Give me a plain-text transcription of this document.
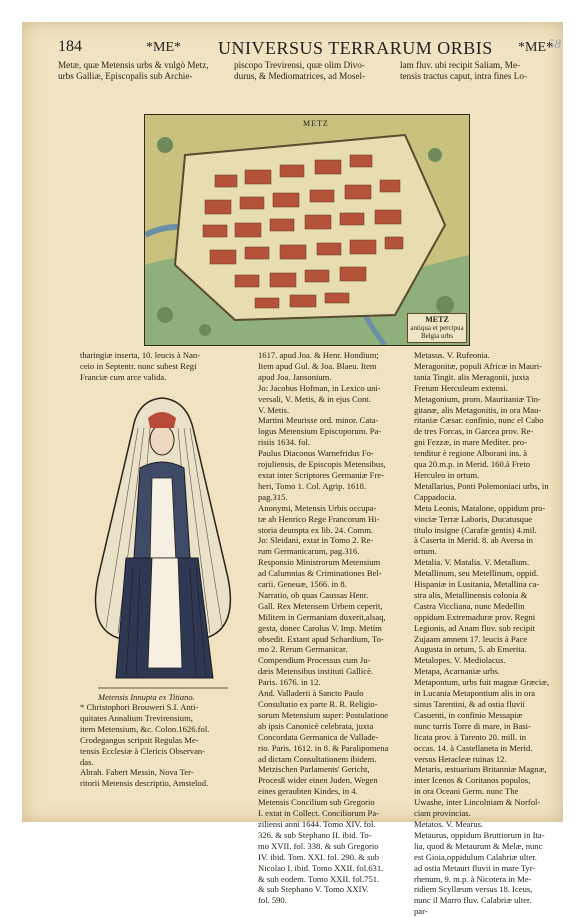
58
184	*ME* UNIVERSUS TERRARUM ORBIS *ME*

Metæ, quæ Metensis urbs & vulgò Metz,

urbs Galliæ, Episcopalis sub Archie-

piscopo Trevirensi, quæ olim Divo-

durus, & Mediomatrices, ad Mosel-

lam fluv. ubi recipit Saliam, Me-

tensis tractus caput, intra fines Lo-

METZ
METZ
antiqua et percipua
Belgia urbs

tharingiæ inserta, 10. leucis à Nan-

ceio in Septentr. nunc subest Regi

Franciæ cum arce valida.

Metensis Innupta ex Titiano.

* Christophori Brouweri S.I. Anti-

quitates Annalium Trevirensium,

item Metensium, &c. Colon.1626.fol.

Crodegangus scripsit Regulas Me-

tensis Ecclesiæ à Clericis Observan-

das.

Abrah. Fabert Messin, Nova Ter-

ritorii Metensis descriptio, Amstelod.

1617. apud Joa. & Henr. Hondium;

Item apud Gul. & Joa. Blaeu. Item

apud Joa. Jansonium.

Jo: Jacobus Hofman, in Lexico uni-

versali, V. Metis, & in ejus Cont.

V. Metis.

Martini Meurisse ord. minor. Cata-

logus Metensium Episcoporum. Pa-

risiis 1634. fol.

Paulus Diaconus Warnefridus Fo-

rojuliensis, de Episcopis Metensibus,

extat inter Scriptores Germaniæ Fre-

heri, Tomo 1. Col. Agrip. 1618.

pag.315.

Anonymi, Metensis Urbis occupa-

tæ ab Henrico Rege Francorum Hi-

storia deumpta ex lib. 24. Comm.

Jo: Sleidani, extat in Tomo 2. Re-

rum Germanicarum, pag.316.

Responsio Ministrorum Metensium

ad Calumnias & Criminationes Bel-

carii. Geneuæ, 1566. in 8.

Narratio, ob quas Caussas Henr.

Gall. Rex Metensem Urbem ceperit,

Militem in Germaniam duxerit,alsaq,

gesta, donec Carolus V. Imp. Metim

obsedit. Extant apud Schardium, To-

mo 2. Rerum Germanicar.

Compendium Processus cum Ju-

dæis Metensibus instituti Gallicè.

Paris. 1676. in 12.

And. Valladerii à Sancto Paulo

Consultatio ex parte R. R. Religio-

sorum Metensium super: Postulatione

ab ipsis Canonicè celebrata, juxta

Concordata Germanica de Vallade-

rio. Paris. 1612. in 8. & Paralipomena

ad dictam Consultationem ibidem.

Metzischen Parlaments' Gericht,

Procesß wider einen Juden, Wegen

eines geraubten Kindes, in 4.

Metensis Concilium sub Gregorio

I. extat in Collect. Conciliorum Pa-

ziliensi anni 1644. Tomo XIV. fol.

326. & sub Stephano II. ibid. To-

mo XVII. fol. 338. & sub Gregorio

IV. ibid. Tom. XXI. fol. 290. & sub

Nicolao I. ibid. Tomo XXII. fol.631.

& sub eodem. Tomo XXII. fol.751.

& sub Stephano V. Tomo XXIV.

fol. 590.

Metasus. V. Rufeonia.

Meragonitæ, populi Africæ in Mauri-

tania Tingit. alis Meragonii, juxta

Fretum Herculeum extensi.

Metagonium, prom. Mauritaniæ Tin-

gitanæ, alis Metagonitis, in ora Mau-

ritaniæ Cæsar. confinio, nunc el Cabo

de tres Forcas, in Garcea prov. Re-

gni Fezzæ, in mare Mediter. pro-

tenditur è regione Alborani ins. à

qua 20.m.p. in Merid. 160.à Freto

Herculeo in ortum.

Metallarius, Ponti Polemoniaci urbs, in

Cappadocia.

Meta Leonis, Matalone, oppidum pro-

vinciæ Terræ Laboris, Ducatusque

titulo insigne (Carafæ gentis) 4.mil.

à Caserta in Merid. 8. ab Aversa in

ortum.

Metalia. V. Matalia. V. Metallum.

Metallinum, seu Metellinum, oppid.

Hispaniæ in Lusitania, Metallina ca-

stra alis, Metallinensis colonia &

Castra Viccliana, nunc Medellin

oppidum Extremaduræ prov. Regni

Legionis, ad Anam fluv. sub recipit

Zujaam amnem 17. leucis à Pace

Augusta in ortum, 5. ab Emerita.

Metalopes. V. Mediolacus.

Metapa, Acarnaniæ urbs.

Metapontum, urbs fuit magnæ Græciæ,

in Lucania Metapontium alis in ora

sinus Tarentini, & ad ostia fluvii

Casuenti, in confinio Messapiæ

nunc turris Torre di mare, in Basi-

licata prov. à Tarento 20. mill. in

occas. 14. à Castellaneta in Merid.

versus Heracleæ ruinas 12.

Metaris, æstuarium Britanniæ Magnæ,

inter Icenos & Coritanos populos,

in ora Oceani Germ. nunc The

Uwashe, inter Lincolniam & Norfol-

ciam provincias.

Metatos. V. Mearus.

Metaurus, oppidum Bruttiorum in Ita-

lia, quod & Metaurum & Melæ, nunc

est Gioia,oppidulum Calabriæ ulter.

ad ostia Metauri fluvii in mare Tyr-

rhenum, 9. m.p. à Nicotera in Me-

ridiem Scyllæum versus 18. Iceus,

nunc il Marro fluv. Calabriæ ulter.

par-
